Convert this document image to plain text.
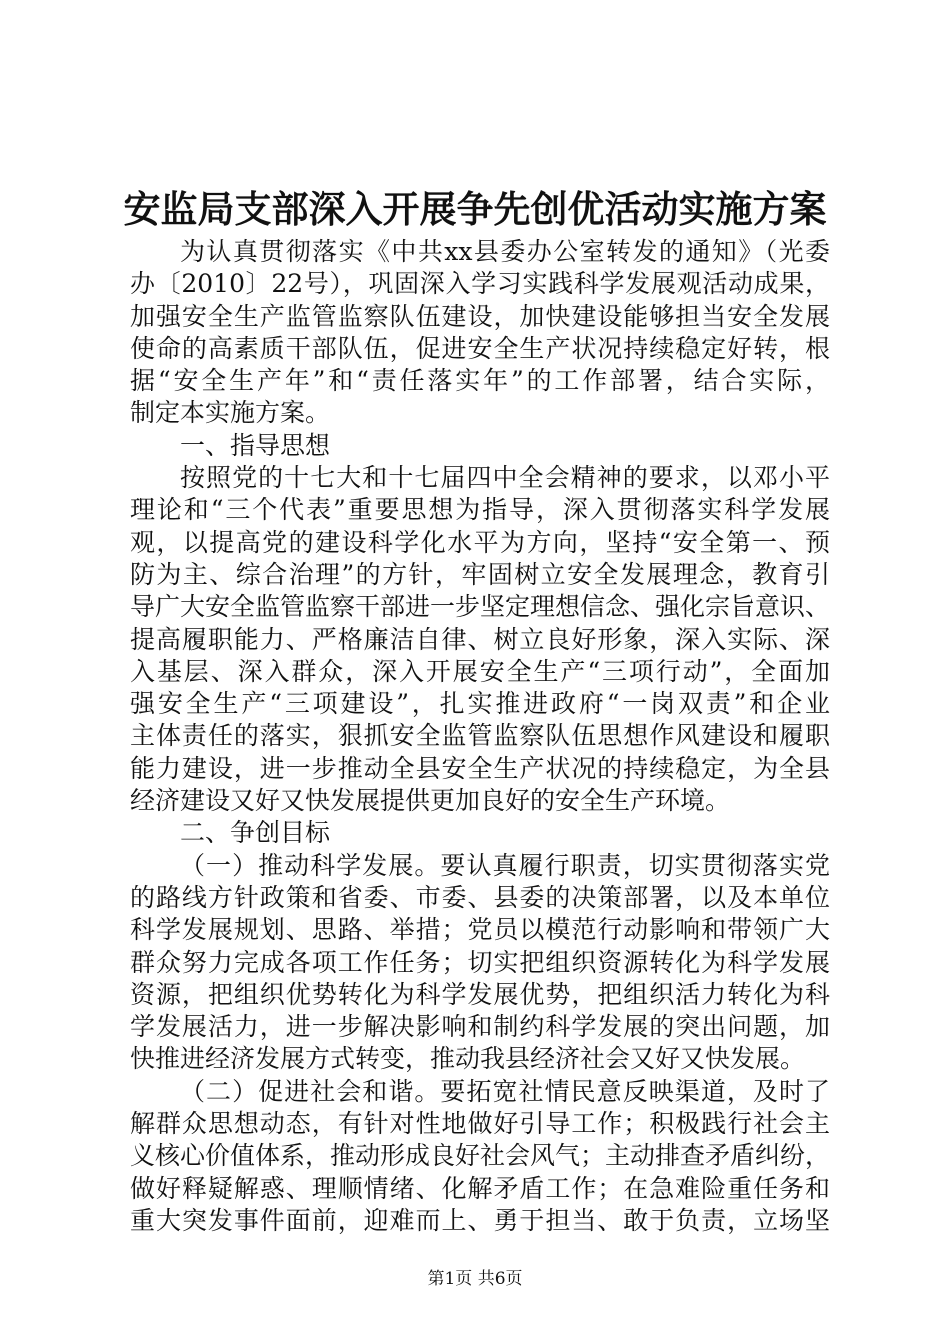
安监局支部深入开展争先创优活动实施方案
为认真贯彻落实《中共xx县委办公室转发的通知》（光委
办〔2010〕22号），巩固深入学习实践科学发展观活动成果，
加强安全生产监管监察队伍建设，加快建设能够担当安全发展
使命的高素质干部队伍，促进安全生产状况持续稳定好转，根
据“安全生产年”和“责任落实年”的工作部署，结合实际，
制定本实施方案。
一、指导思想
按照党的十七大和十七届四中全会精神的要求，以邓小平
理论和“三个代表”重要思想为指导，深入贯彻落实科学发展
观，以提高党的建设科学化水平为方向，坚持“安全第一、预
防为主、综合治理”的方针，牢固树立安全发展理念，教育引
导广大安全监管监察干部进一步坚定理想信念、强化宗旨意识、
提高履职能力、严格廉洁自律、树立良好形象，深入实际、深
入基层、深入群众，深入开展安全生产“三项行动”，全面加
强安全生产“三项建设”，扎实推进政府“一岗双责”和企业
主体责任的落实，狠抓安全监管监察队伍思想作风建设和履职
能力建设，进一步推动全县安全生产状况的持续稳定，为全县
经济建设又好又快发展提供更加良好的安全生产环境。
二、争创目标
（一）推动科学发展。要认真履行职责，切实贯彻落实党
的路线方针政策和省委、市委、县委的决策部署，以及本单位
科学发展规划、思路、举措；党员以模范行动影响和带领广大
群众努力完成各项工作任务；切实把组织资源转化为科学发展
资源，把组织优势转化为科学发展优势，把组织活力转化为科
学发展活力，进一步解决影响和制约科学发展的突出问题，加
快推进经济发展方式转变，推动我县经济社会又好又快发展。
（二）促进社会和谐。要拓宽社情民意反映渠道，及时了
解群众思想动态，有针对性地做好引导工作；积极践行社会主
义核心价值体系，推动形成良好社会风气；主动排查矛盾纠纷，
做好释疑解惑、理顺情绪、化解矛盾工作；在急难险重任务和
重大突发事件面前，迎难而上、勇于担当、敢于负责，立场坚
第1页 共6页
